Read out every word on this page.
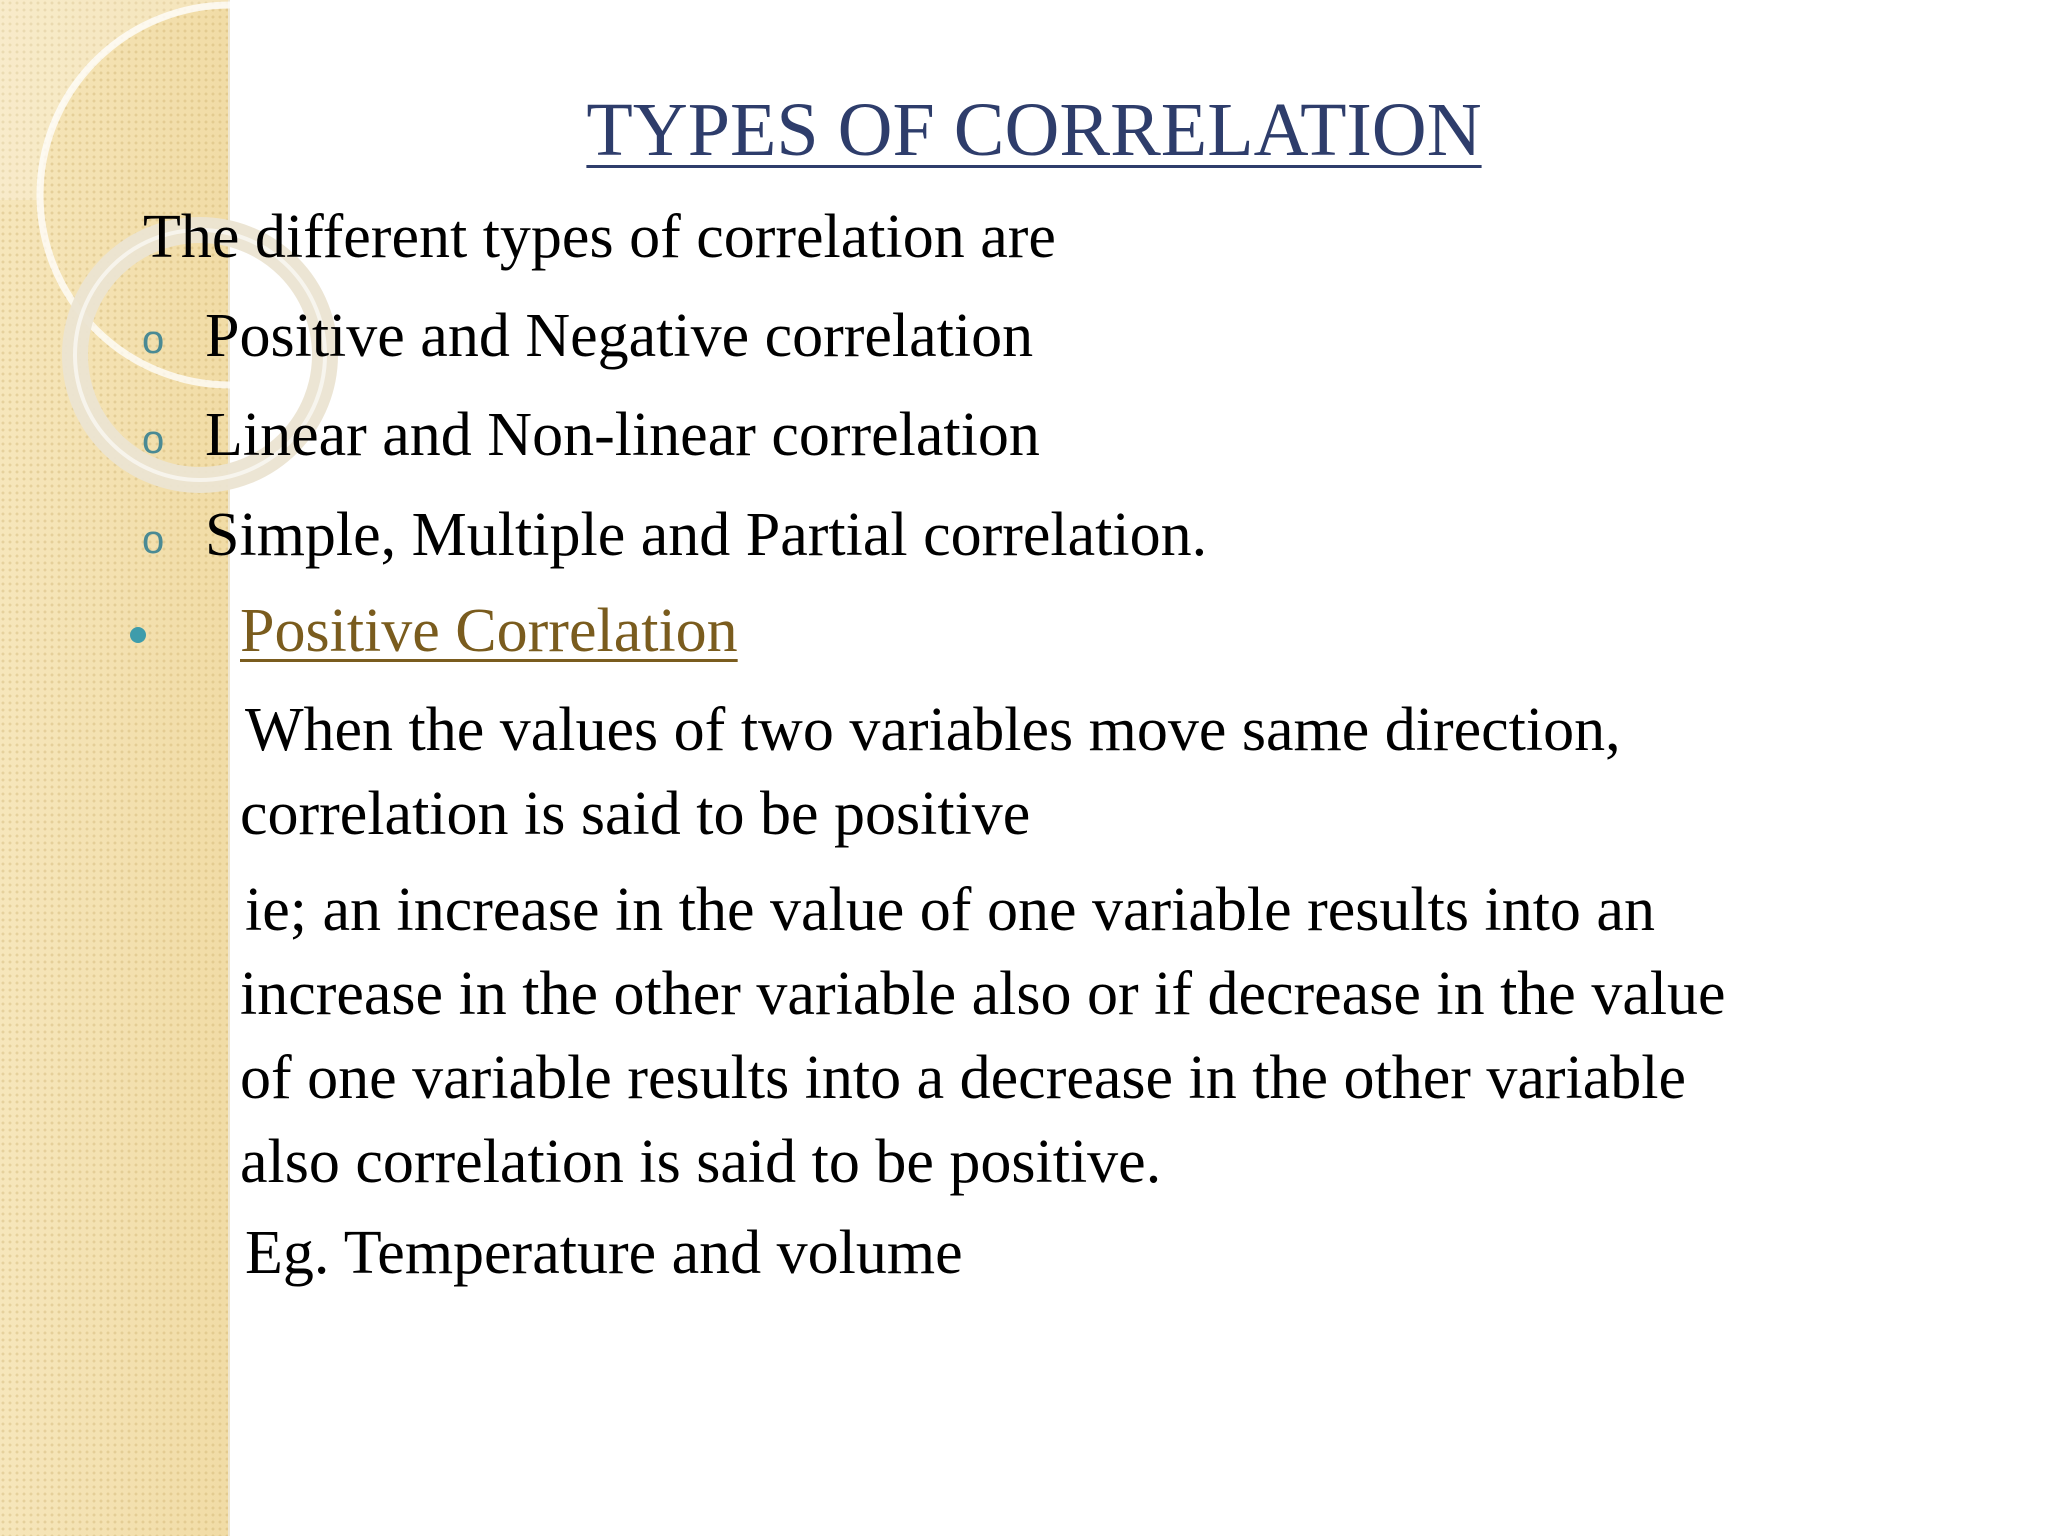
TYPES OF CORRELATION
The different types of correlation are
o Positive and Negative correlation
o Linear and Non-linear correlation
o Simple, Multiple and Partial correlation.
Positive Correlation
When the values of two variables move same direction,
correlation is said to be positive
ie; an increase in the value of one variable results into an
increase in the other variable also or if decrease in the value
of one variable results into a decrease in the other variable
also correlation is said to be positive.
Eg. Temperature and volume
